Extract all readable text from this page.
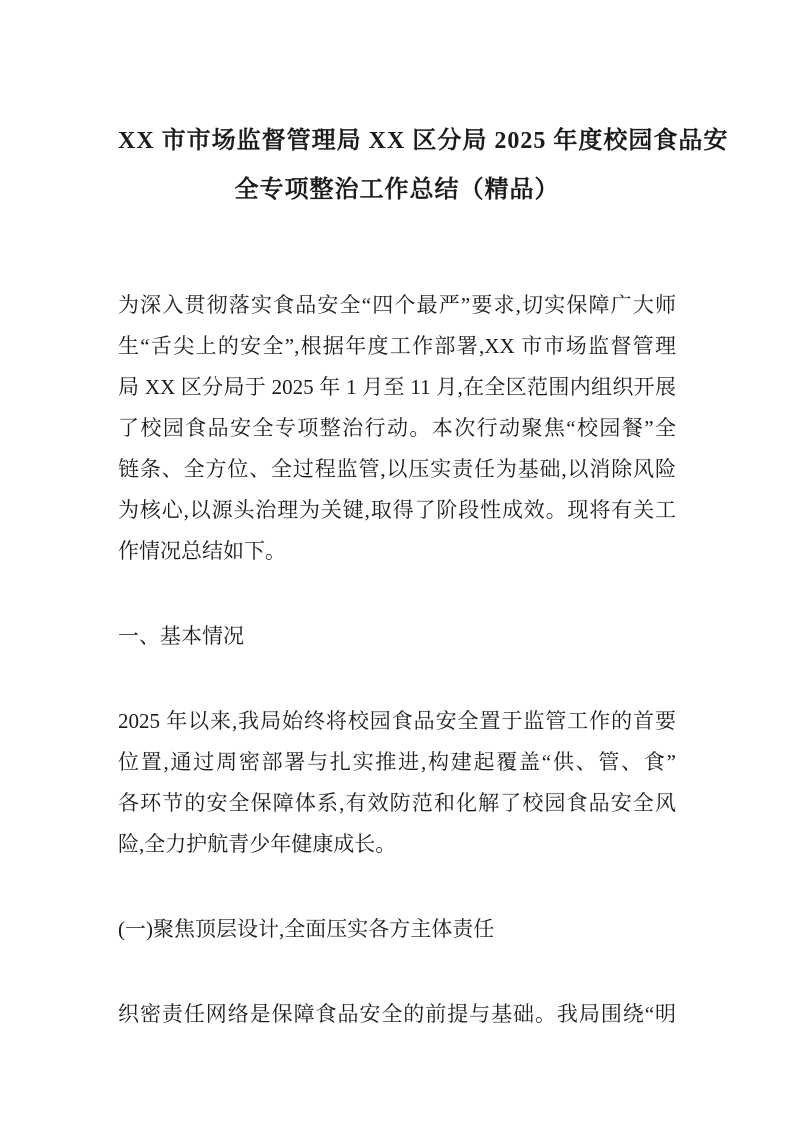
XX 市市场监督管理局 XX 区分局 2025 年度校园食品安
全专项整治工作总结（精品）
为深入贯彻落实食品安全“四个最严”要求,切实保障广大师
生“舌尖上的安全”,根据年度工作部署,XX 市市场监督管理
局 XX 区分局于 2025 年 1 月至 11 月,在全区范围内组织开展
了校园食品安全专项整治行动。本次行动聚焦“校园餐”全
链条、全方位、全过程监管,以压实责任为基础,以消除风险
为核心,以源头治理为关键,取得了阶段性成效。现将有关工
作情况总结如下。
一、基本情况
2025 年以来,我局始终将校园食品安全置于监管工作的首要
位置,通过周密部署与扎实推进,构建起覆盖“供、管、食”
各环节的安全保障体系,有效防范和化解了校园食品安全风
险,全力护航青少年健康成长。
(一)聚焦顶层设计,全面压实各方主体责任
织密责任网络是保障食品安全的前提与基础。我局围绕“明
